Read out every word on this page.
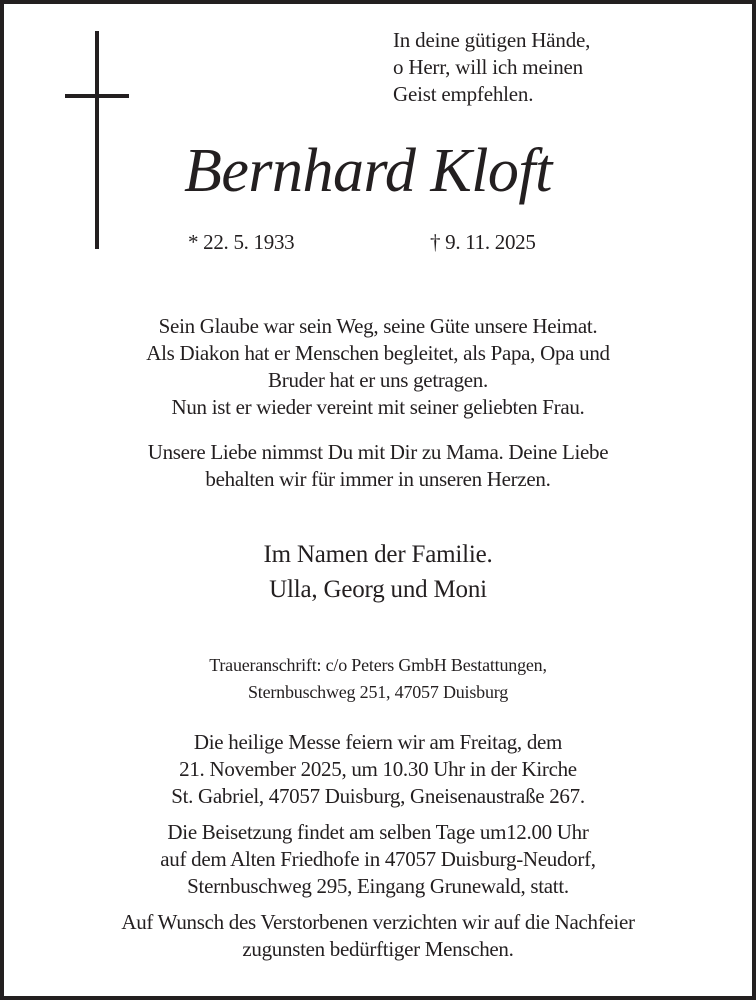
In deine gütigen Hände,
o Herr, will ich meinen
Geist empfehlen.
Bernhard Kloft
* 22. 5. 1933	† 9. 11. 2025
Sein Glaube war sein Weg, seine Güte unsere Heimat.
Als Diakon hat er Menschen begleitet, als Papa, Opa und
Bruder hat er uns getragen.
Nun ist er wieder vereint mit seiner geliebten Frau.
Unsere Liebe nimmst Du mit Dir zu Mama. Deine Liebe
behalten wir für immer in unseren Herzen.
Im Namen der Familie.
Ulla, Georg und Moni
Traueranschrift: c/o Peters GmbH Bestattungen,
Sternbuschweg 251, 47057 Duisburg
Die heilige Messe feiern wir am Freitag, dem
21. November 2025, um 10.30 Uhr in der Kirche
St. Gabriel, 47057 Duisburg, Gneisenaustraße 267.
Die Beisetzung findet am selben Tage um12.00 Uhr
auf dem Alten Friedhofe in 47057 Duisburg-Neudorf,
Sternbuschweg 295, Eingang Grunewald, statt.
Auf Wunsch des Verstorbenen verzichten wir auf die Nachfeier
zugunsten bedürftiger Menschen.
